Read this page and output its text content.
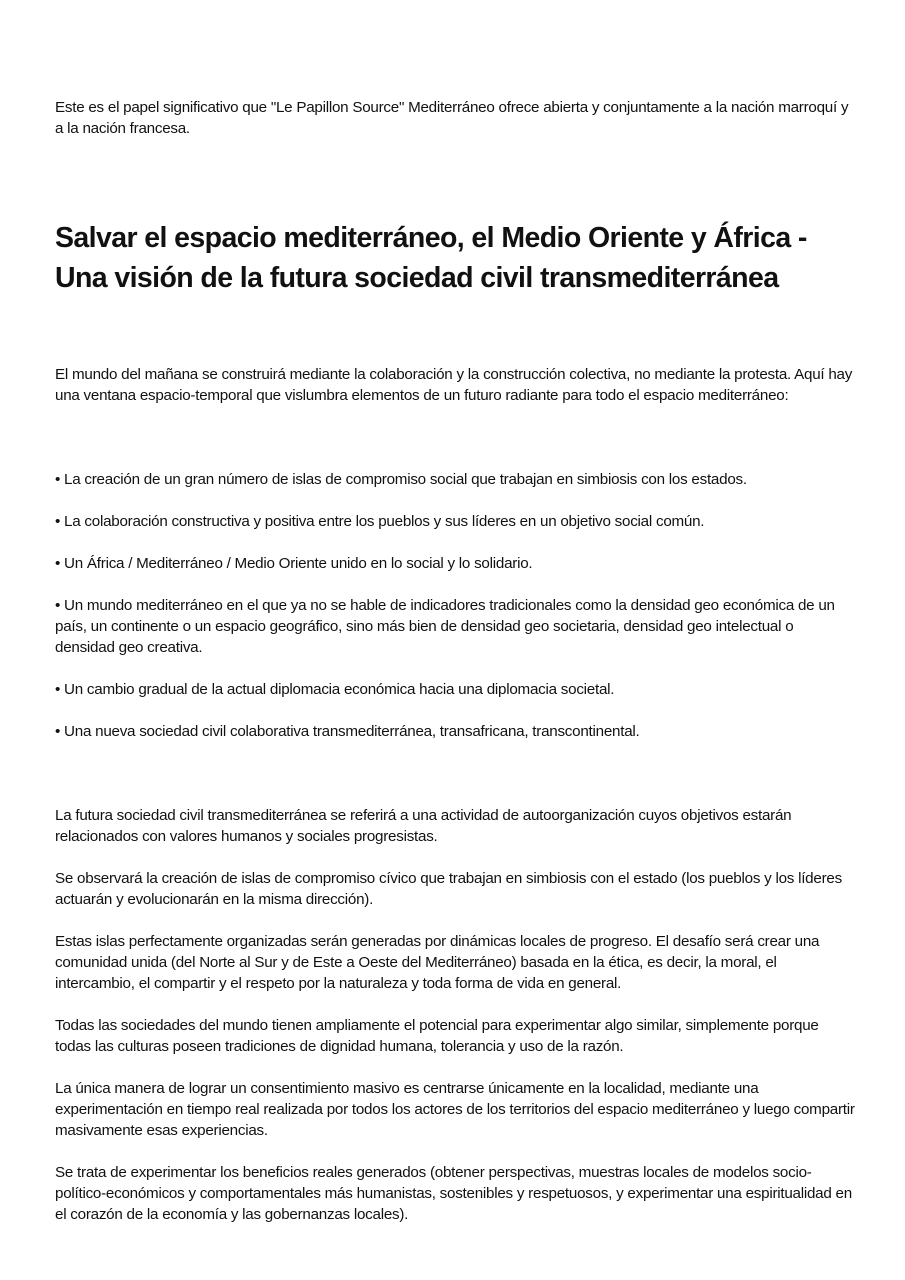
Este es el papel significativo que "Le Papillon Source" Mediterráneo ofrece abierta y conjuntamente a la nación marroquí y a la nación francesa.

Salvar el espacio mediterráneo, el Medio Oriente y África - Una visión de la futura sociedad civil transmediterránea

El mundo del mañana se construirá mediante la colaboración y la construcción colectiva, no mediante la protesta. Aquí hay una ventana espacio-temporal que vislumbra elementos de un futuro radiante para todo el espacio mediterráneo:

• La creación de un gran número de islas de compromiso social que trabajan en simbiosis con los estados.

• La colaboración constructiva y positiva entre los pueblos y sus líderes en un objetivo social común.

• Un África / Mediterráneo / Medio Oriente unido en lo social y lo solidario.

• Un mundo mediterráneo en el que ya no se hable de indicadores tradicionales como la densidad geo económica de un país, un continente o un espacio geográfico, sino más bien de densidad geo societaria, densidad geo intelectual o densidad geo creativa.

• Un cambio gradual de la actual diplomacia económica hacia una diplomacia societal.

• Una nueva sociedad civil colaborativa transmediterránea, transafricana, transcontinental.

La futura sociedad civil transmediterránea se referirá a una actividad de autoorganización cuyos objetivos estarán relacionados con valores humanos y sociales progresistas.

Se observará la creación de islas de compromiso cívico que trabajan en simbiosis con el estado (los pueblos y los líderes actuarán y evolucionarán en la misma dirección).

Estas islas perfectamente organizadas serán generadas por dinámicas locales de progreso. El desafío será crear una comunidad unida (del Norte al Sur y de Este a Oeste del Mediterráneo) basada en la ética, es decir, la moral, el intercambio, el compartir y el respeto por la naturaleza y toda forma de vida en general.

Todas las sociedades del mundo tienen ampliamente el potencial para experimentar algo similar, simplemente porque todas las culturas poseen tradiciones de dignidad humana, tolerancia y uso de la razón.

La única manera de lograr un consentimiento masivo es centrarse únicamente en la localidad, mediante una experimentación en tiempo real realizada por todos los actores de los territorios del espacio mediterráneo y luego compartir masivamente esas experiencias.

Se trata de experimentar los beneficios reales generados (obtener perspectivas, muestras locales de modelos socio-político-económicos y comportamentales más humanistas, sostenibles y respetuosos, y experimentar una espiritualidad en el corazón de la economía y las gobernanzas locales).
